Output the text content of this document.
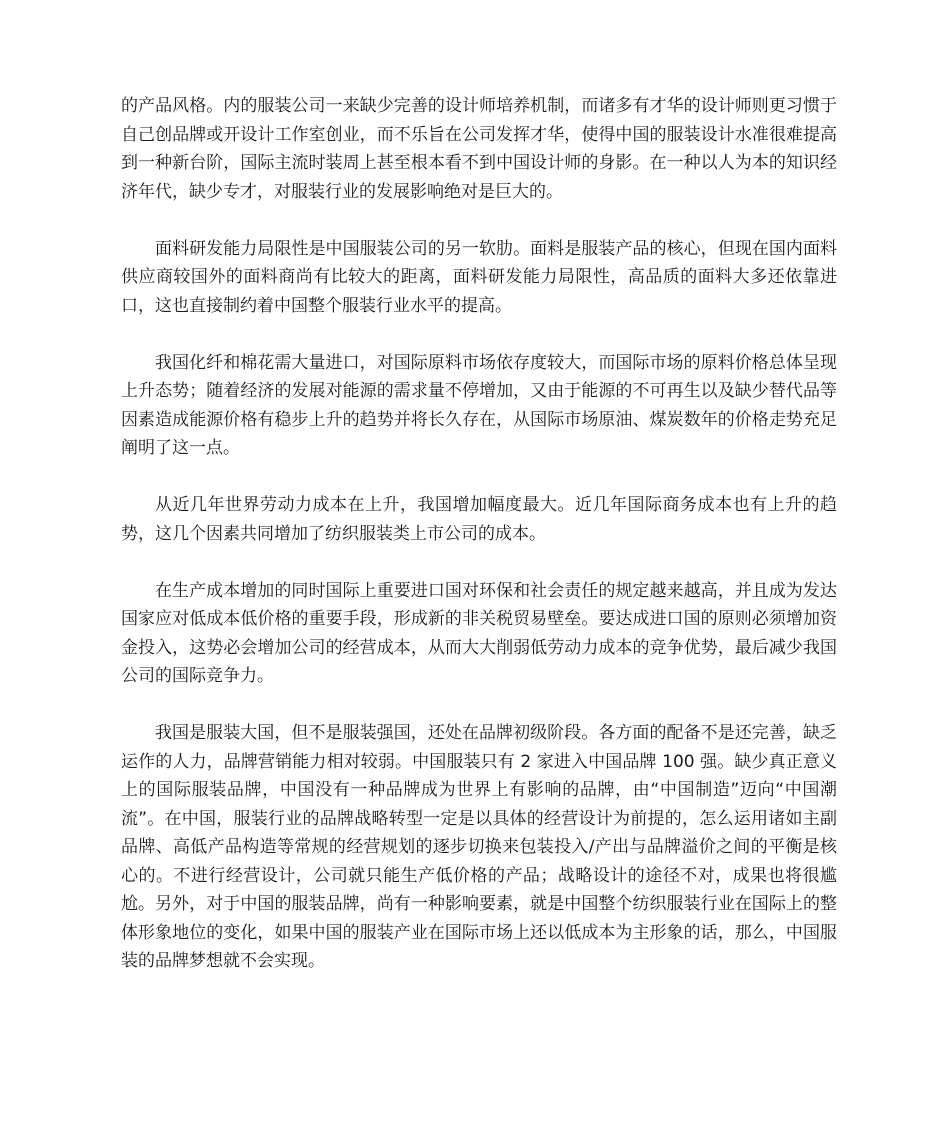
的产品风格。内的服装公司一来缺少完善的设计师培养机制，而诸多有才华的设计师则更习惯于自己创品牌或开设计工作室创业，而不乐旨在公司发挥才华，使得中国的服装设计水准很难提高到一种新台阶，国际主流时装周上甚至根本看不到中国设计师的身影。在一种以人为本的知识经济年代，缺少专才，对服装行业的发展影响绝对是巨大的。

面料研发能力局限性是中国服装公司的另一软肋。面料是服装产品的核心，但现在国内面料供应商较国外的面料商尚有比较大的距离，面料研发能力局限性，高品质的面料大多还依靠进口，这也直接制约着中国整个服装行业水平的提高。

我国化纤和棉花需大量进口，对国际原料市场依存度较大，而国际市场的原料价格总体呈现上升态势；随着经济的发展对能源的需求量不停增加，又由于能源的不可再生以及缺少替代品等因素造成能源价格有稳步上升的趋势并将长久存在，从国际市场原油、煤炭数年的价格走势充足阐明了这一点。

从近几年世界劳动力成本在上升，我国增加幅度最大。近几年国际商务成本也有上升的趋势，这几个因素共同增加了纺织服装类上市公司的成本。

在生产成本增加的同时国际上重要进口国对环保和社会责任的规定越来越高，并且成为发达国家应对低成本低价格的重要手段，形成新的非关税贸易壁垒。要达成进口国的原则必须增加资金投入，这势必会增加公司的经营成本，从而大大削弱低劳动力成本的竞争优势，最后减少我国公司的国际竞争力。

我国是服装大国，但不是服装强国，还处在品牌初级阶段。各方面的配备不是还完善，缺乏运作的人力，品牌营销能力相对较弱。中国服装只有 2 家进入中国品牌 100 强。缺少真正意义上的国际服装品牌，中国没有一种品牌成为世界上有影响的品牌，由“中国制造”迈向“中国潮流”。在中国，服装行业的品牌战略转型一定是以具体的经营设计为前提的，怎么运用诸如主副品牌、高低产品构造等常规的经营规划的逐步切换来包装投入/产出与品牌溢价之间的平衡是核心的。不进行经营设计，公司就只能生产低价格的产品；战略设计的途径不对，成果也将很尴尬。另外，对于中国的服装品牌，尚有一种影响要素，就是中国整个纺织服装行业在国际上的整体形象地位的变化，如果中国的服装产业在国际市场上还以低成本为主形象的话，那么，中国服装的品牌梦想就不会实现。
